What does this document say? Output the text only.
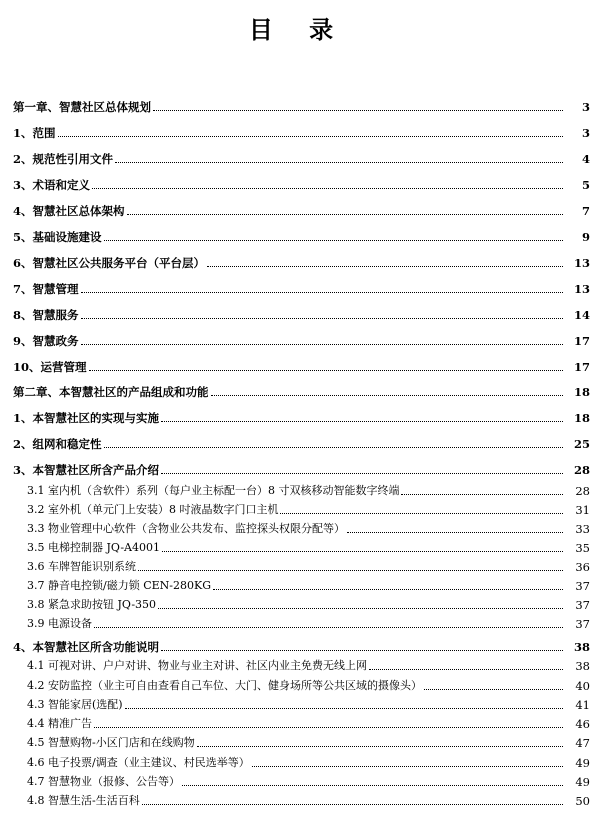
目 录
第一章、智慧社区总体规划	3
1、范围	3
2、规范性引用文件	4
3、术语和定义	5
4、智慧社区总体架构	7
5、基础设施建设	9
6、智慧社区公共服务平台（平台层）	13
7、智慧管理	13
8、智慧服务	14
9、智慧政务	17
10、运营管理	17
第二章、本智慧社区的产品组成和功能	18
1、本智慧社区的实现与实施	18
2、组网和稳定性	25
3、本智慧社区所含产品介绍	28
3.1 室内机（含软件）系列（每户业主标配一台）8 寸双核移动智能数字终端	28
3.2 室外机（单元门上安装）8 吋液晶数字门口主机	31
3.3 物业管理中心软件（含物业公共发布、监控探头权限分配等）	33
3.5 电梯控制器 JQ-A4001	35
3.6 车牌智能识别系统	36
3.7 静音电控锁/磁力锁 CEN-280KG	37
3.8 紧急求助按钮 JQ-350	37
3.9 电源设备	37
4、本智慧社区所含功能说明	38
4.1 可视对讲、户户对讲、物业与业主对讲、社区内业主免费无线上网	38
4.2 安防监控（业主可自由查看自己车位、大门、健身场所等公共区域的摄像头）	40
4.3 智能家居(选配)	41
4.4 精准广告	46
4.5 智慧购物-小区门店和在线购物	47
4.6 电子投票/调查（业主建议、村民选举等）	49
4.7 智慧物业（报修、公告等）	49
4.8 智慧生活-生活百科	50
